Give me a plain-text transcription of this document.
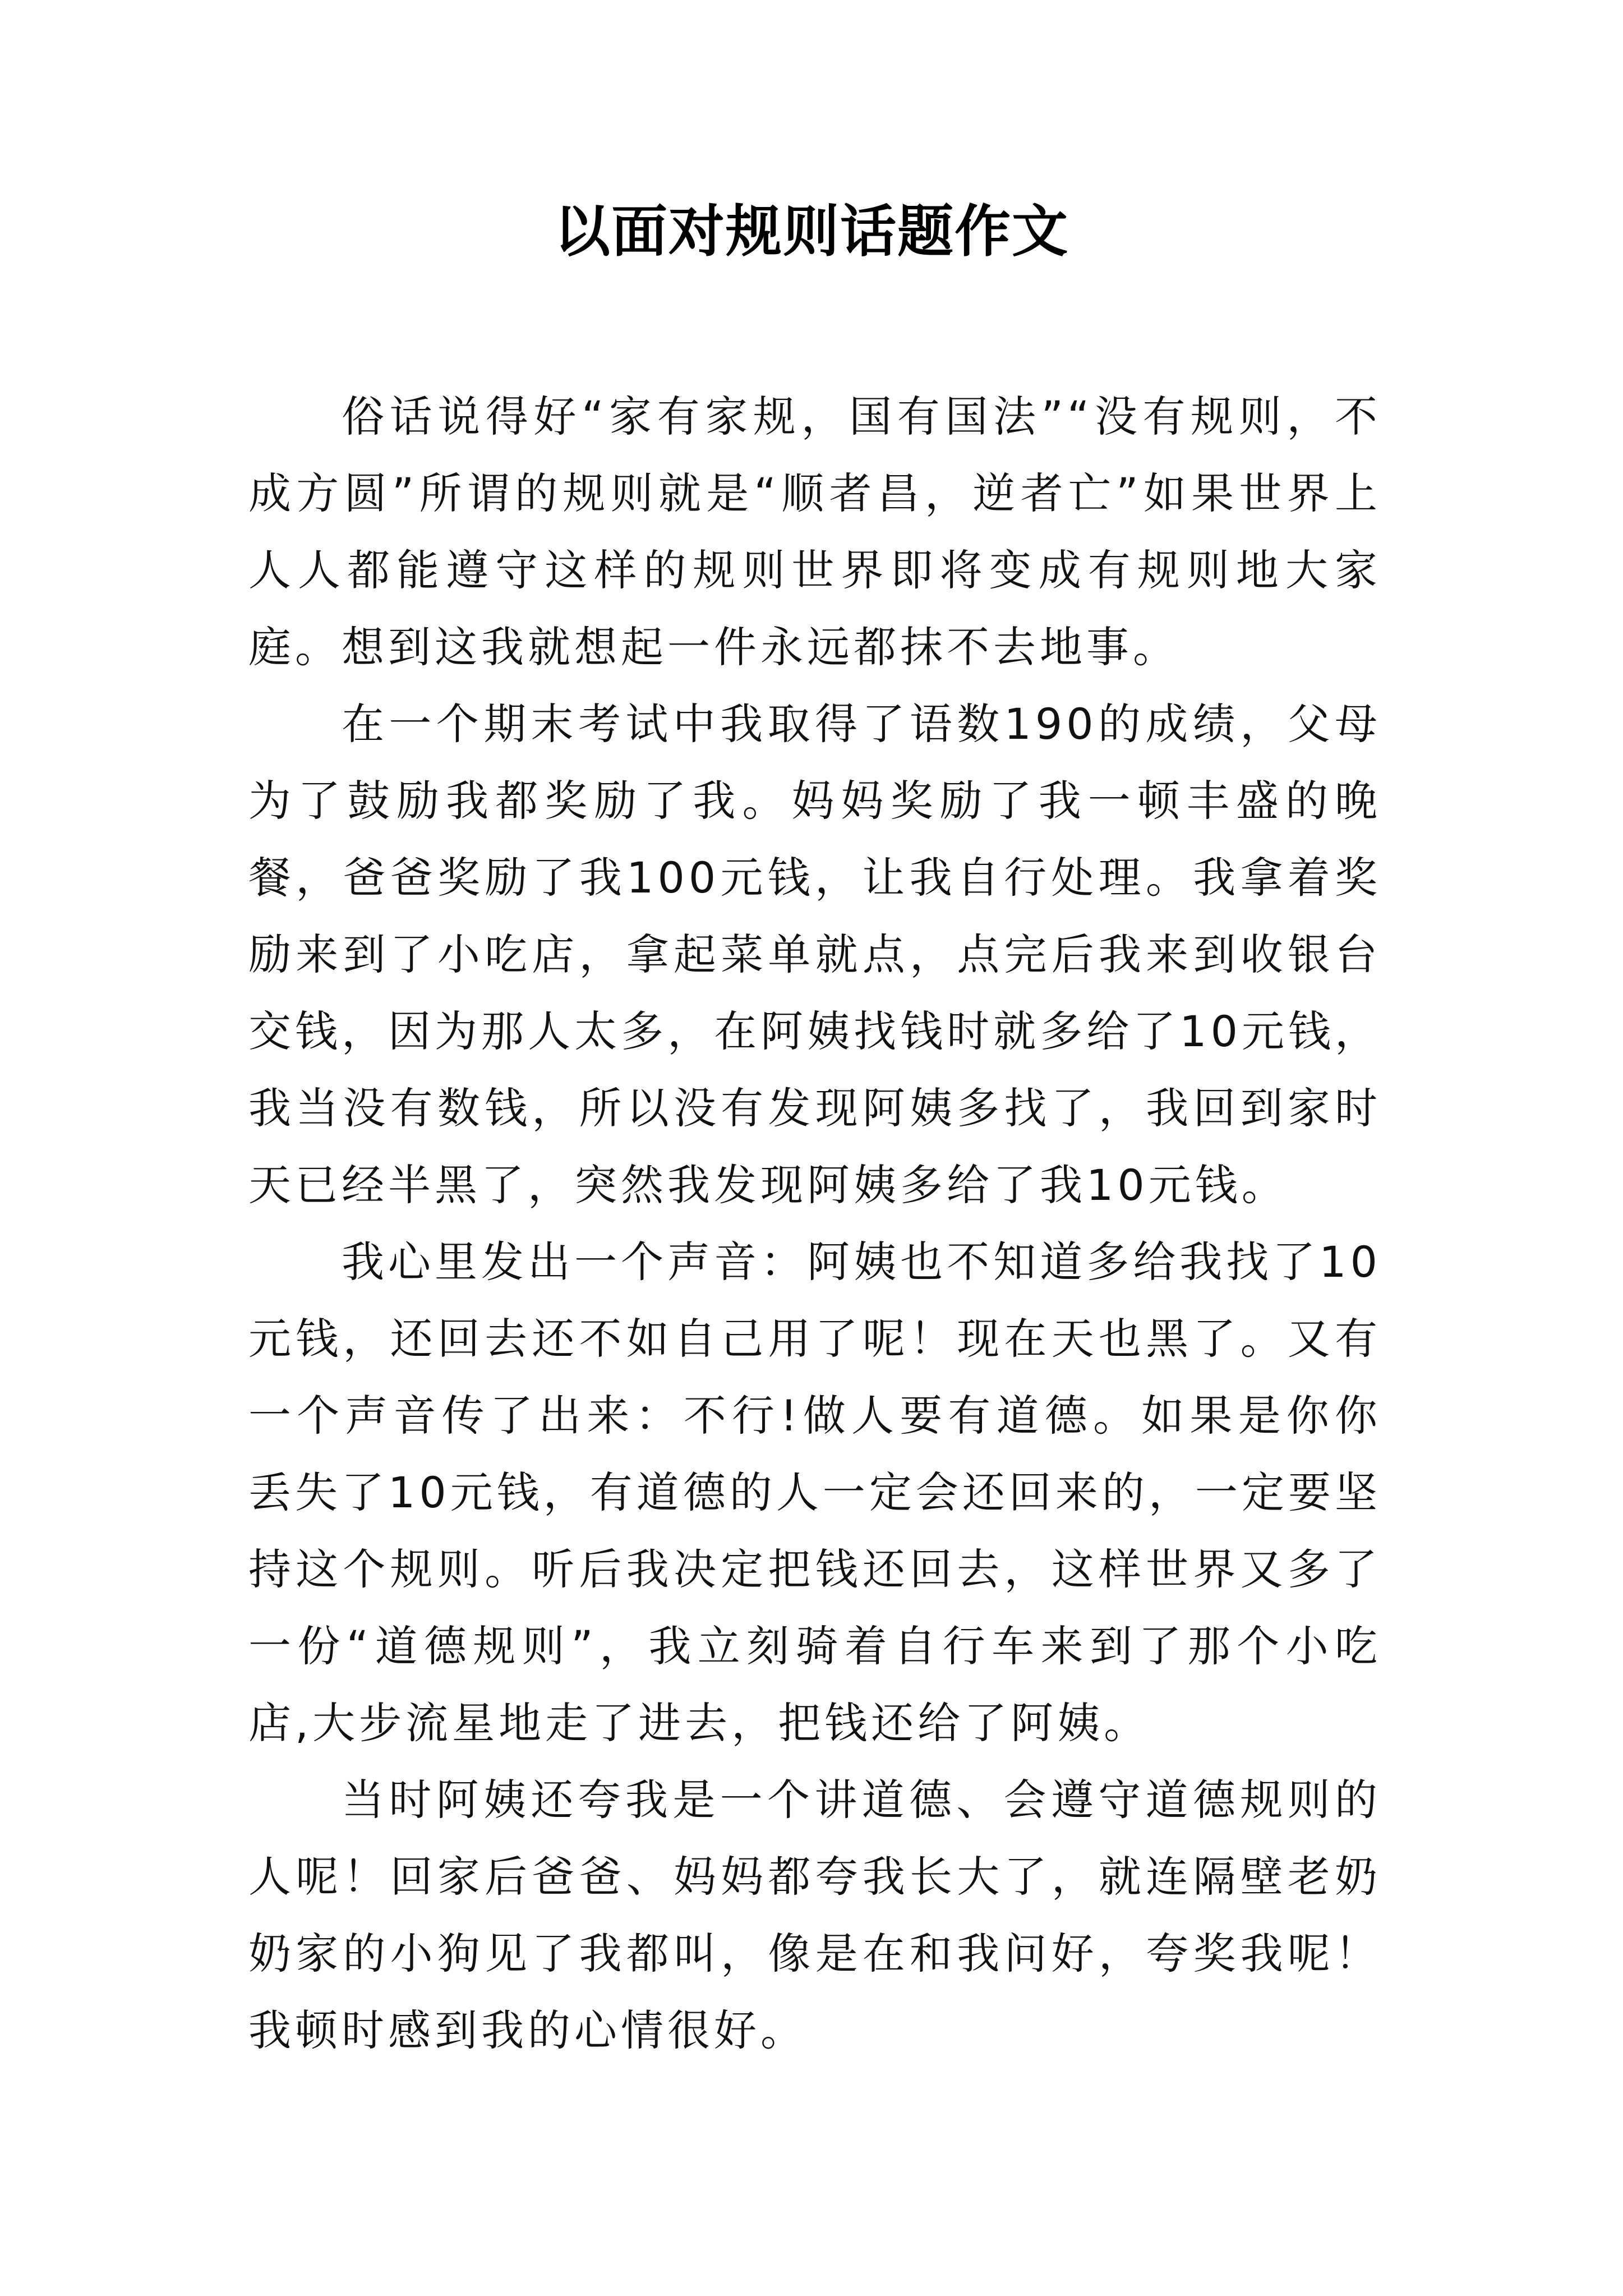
以面对规则话题作文

俗话说得好“家有家规，国有国法”“没有规则，不成方圆”所谓的规则就是“顺者昌，逆者亡”如果世界上人人都能遵守这样的规则世界即将变成有规则地大家庭。想到这我就想起一件永远都抹不去地事。

在一个期末考试中我取得了语数190的成绩，父母为了鼓励我都奖励了我。妈妈奖励了我一顿丰盛的晚餐，爸爸奖励了我100元钱，让我自行处理。我拿着奖励来到了小吃店，拿起菜单就点，点完后我来到收银台交钱，因为那人太多，在阿姨找钱时就多给了10元钱，我当没有数钱，所以没有发现阿姨多找了，我回到家时天已经半黑了，突然我发现阿姨多给了我10元钱。

我心里发出一个声音：阿姨也不知道多给我找了10元钱，还回去还不如自己用了呢！现在天也黑了。又有一个声音传了出来：不行!做人要有道德。如果是你你丢失了10元钱，有道德的人一定会还回来的，一定要坚持这个规则。听后我决定把钱还回去，这样世界又多了一份“道德规则”，我立刻骑着自行车来到了那个小吃店,大步流星地走了进去，把钱还给了阿姨。

当时阿姨还夸我是一个讲道德、会遵守道德规则的人呢！回家后爸爸、妈妈都夸我长大了，就连隔壁老奶奶家的小狗见了我都叫，像是在和我问好，夸奖我呢！我顿时感到我的心情很好。
